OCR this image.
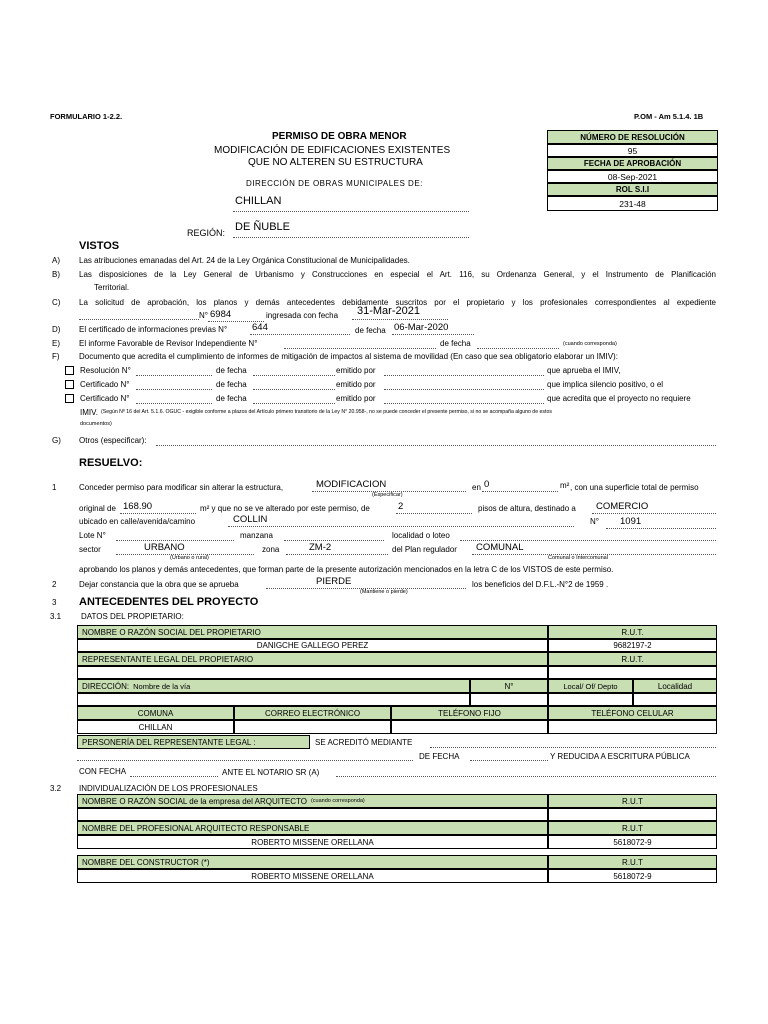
FORMULARIO 1-2.2.	P.OM - Am 5.1.4. 1B
PERMISO DE OBRA MENOR
MODIFICACIÓN DE EDIFICACIONES EXISTENTES
QUE NO ALTEREN SU ESTRUCTURA
DIRECCIÓN DE OBRAS MUNICIPALES DE:
CHILLAN
REGIÓN: DE ÑUBLE
NÚMERO DE RESOLUCIÓN
95
FECHA DE APROBACIÓN
08-Sep-2021
ROL S.I.I
231-48
VISTOS
A) Las atribuciones emanadas del Art. 24 de la Ley Orgánica Constitucional de Municipalidades.
B) Las disposiciones de la Ley General de Urbanismo y Construcciones en especial el Art. 116, su Ordenanza General, y el Instrumento de Planificación
Territorial.
C) La solicitud de aprobación, los planos y demás antecedentes debidamente suscritos por el propietario y los profesionales correspondientes al expediente
N° 6984	ingresada con fecha 31-Mar-2021
D) El certificado de informaciones previas N°	644	de fecha 06-Mar-2020
E) El informe Favorable de Revisor Independiente N°	de fecha	(cuando corresponda)
F) Documento que acredita el cumplimiento de informes de mitigación de impactos al sistema de movilidad (En caso que sea obligatorio elaborar un IMIV):
Resolución N°	de fecha	emitido por	que aprueba el IMIV,
Certificado N°	de fecha	emitido por	que implica silencio positivo, o el
Certificado N°	de fecha	emitido por	que acredita que el proyecto no requiere
IMIV. (Según Nº 16 del Art. 5.1.6. OGUC - exigible conforme a plazos del Artículo primero transitorio de la Ley N° 20.958-, no se puede conceder el presente permiso, si no se acompaña alguno de estos
documentos)
G) Otros (especificar):
RESUELVO:
1	Conceder permiso para modificar sin alterar la estructura,	MODIFICACION
(Especificar)
en 0	m² , con una superficie total de permiso
original de 168.90	m² y que no se ve alterado por este permiso, de	2	pisos de altura, destinado a COMERCIO
ubicado en calle/avenida/camino	COLLIN	N° 1091
Lote N°	manzana	localidad o loteo
sector	URBANO
(Urbano o rural)
zona	ZM-2	del Plan regulador COMUNAL
Comunal o Intercomunal
aprobando los planos y demás antecedentes, que forman parte de la presente autorización mencionados en la letra C de los VISTOS de este permiso.
2	Dejar constancia que la obra que se aprueba	PIERDE
(Mantiene o pierde)
los beneficios del D.F.L.-N°2 de 1959 .
3 ANTECEDENTES DEL PROYECTO
3.1 DATOS DEL PROPIETARIO:
NOMBRE O RAZÓN SOCIAL DEL PROPIETARIO	R.U.T.
DANIGCHE GALLEGO PEREZ	9682197-2
REPRESENTANTE LEGAL DEL PROPIETARIO	R.U.T.
DIRECCIÓN: Nombre de la vía	N°	Local/ Of/ Depto	Localidad
COMUNA	CORREO ELECTRÓNICO	TELÉFONO FIJO	TELÉFONO CELULAR
CHILLAN
PERSONERÍA DEL REPRESENTANTE LEGAL :	SE ACREDITÓ MEDIANTE
DE FECHA	Y REDUCIDA A ESCRITURA PÚBLICA
CON FECHA	ANTE EL NOTARIO SR (A)
3.2 INDIVIDUALIZACIÓN DE LOS PROFESIONALES
NOMBRE O RAZÓN SOCIAL de la empresa del ARQUITECTO (cuando corresponda)	R.U.T
NOMBRE DEL PROFESIONAL ARQUITECTO RESPONSABLE	R.U.T
ROBERTO MISSENE ORELLANA	5618072-9
NOMBRE DEL CONSTRUCTOR (*)	R.U.T
ROBERTO MISSENE ORELLANA	5618072-9
